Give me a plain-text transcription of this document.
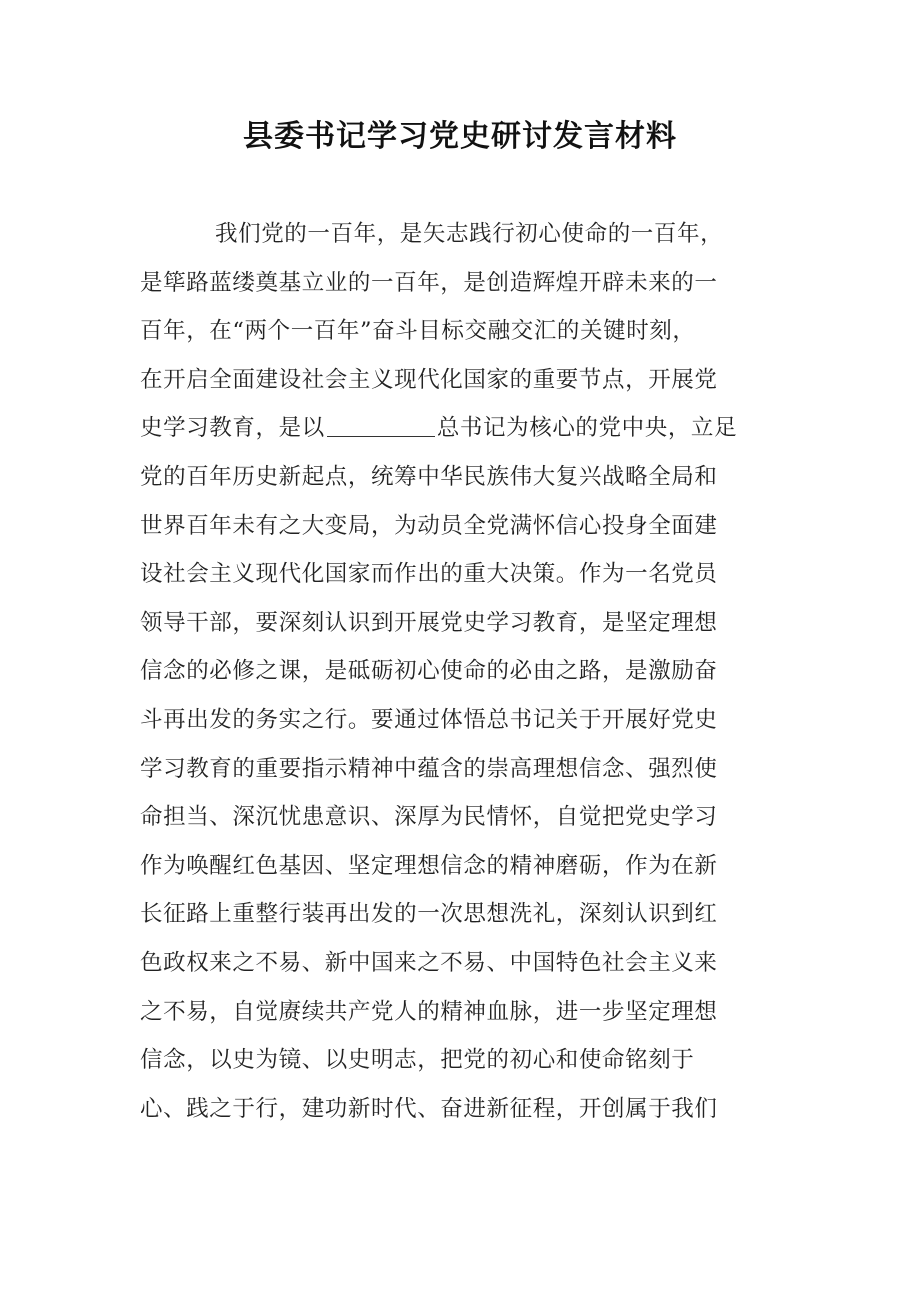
县委书记学习党史研讨发言材料
我们党的一百年，是矢志践行初心使命的一百年，
是筚路蓝缕奠基立业的一百年，是创造辉煌开辟未来的一
百年，在“两个一百年”奋斗目标交融交汇的关键时刻，
在开启全面建设社会主义现代化国家的重要节点，开展党
史学习教育，是以	总书记为核心的党中央，立足
党的百年历史新起点，统筹中华民族伟大复兴战略全局和
世界百年未有之大变局，为动员全党满怀信心投身全面建
设社会主义现代化国家而作出的重大决策。作为一名党员
领导干部，要深刻认识到开展党史学习教育，是坚定理想
信念的必修之课，是砥砺初心使命的必由之路，是激励奋
斗再出发的务实之行。要通过体悟总书记关于开展好党史
学习教育的重要指示精神中蕴含的崇高理想信念、强烈使
命担当、深沉忧患意识、深厚为民情怀，自觉把党史学习
作为唤醒红色基因、坚定理想信念的精神磨砺，作为在新
长征路上重整行装再出发的一次思想洗礼，深刻认识到红
色政权来之不易、新中国来之不易、中国特色社会主义来
之不易，自觉赓续共产党人的精神血脉，进一步坚定理想
信念，以史为镜、以史明志，把党的初心和使命铭刻于
心、践之于行，建功新时代、奋进新征程，开创属于我们
